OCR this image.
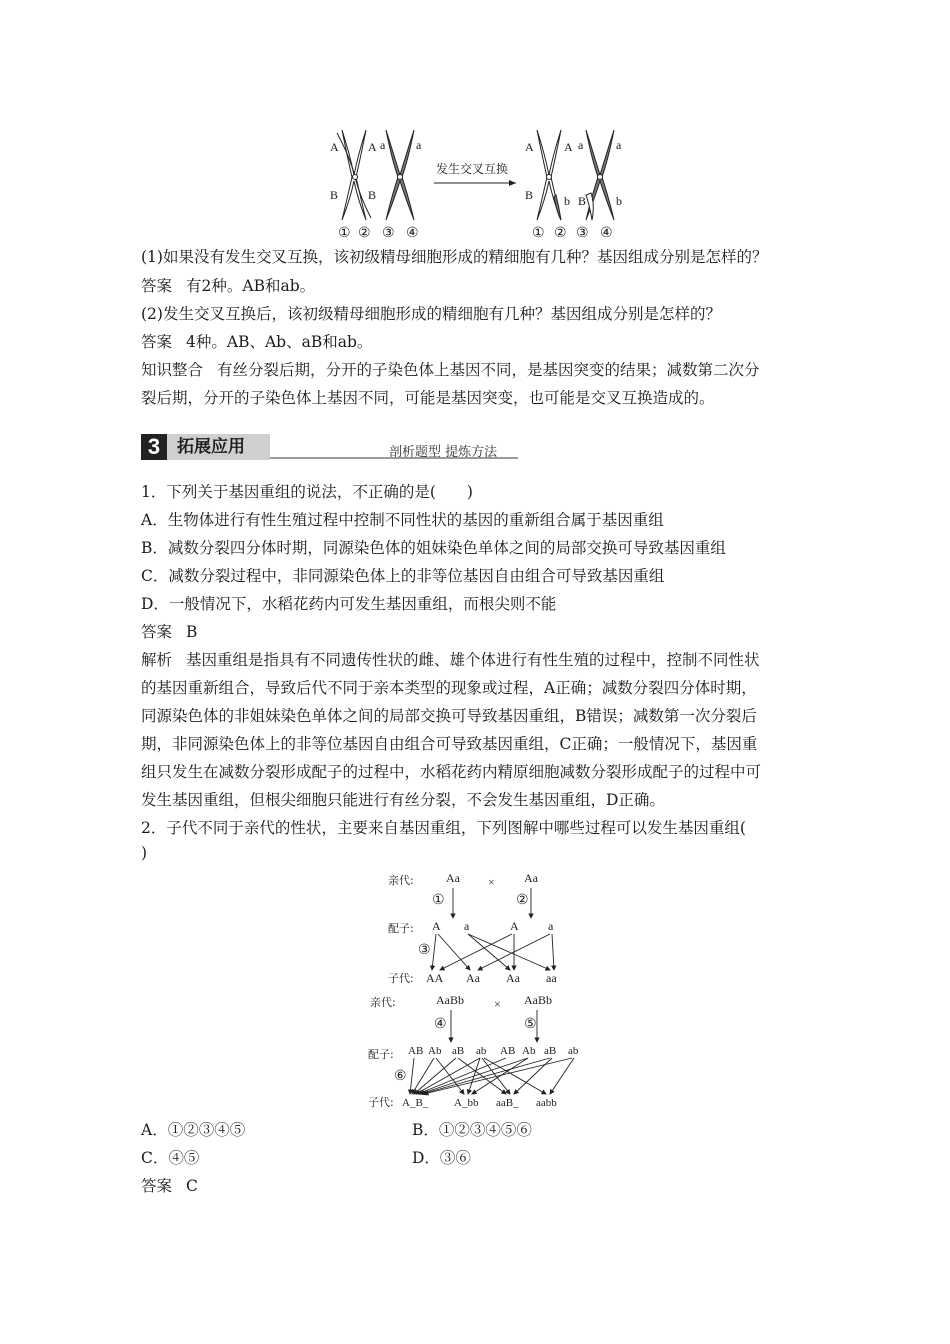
A A
B B
a	a
① ② ③ ④
发生交叉互换
A	A
B
a	a
b	b
B
① ② ③ ④
(1)如果没有发生交叉互换，该初级精母细胞形成的精细胞有几种？基因组成分别是怎样的？
答案 有2种。AB和ab。
(2)发生交叉互换后，该初级精母细胞形成的精细胞有几种？基因组成分别是怎样的？
答案 4种。AB、Ab、aB和ab。
知识整合 有丝分裂后期，分开的子染色体上基因不同，是基因突变的结果；减数第二次分
裂后期，分开的子染色体上基因不同，可能是基因突变，也可能是交叉互换造成的。
3 拓展应用	剖析题型 提炼方法
1．下列关于基因重组的说法，不正确的是(　　)
A．生物体进行有性生殖过程中控制不同性状的基因的重新组合属于基因重组
B．减数分裂四分体时期，同源染色体的姐妹染色单体之间的局部交换可导致基因重组
C．减数分裂过程中，非同源染色体上的非等位基因自由组合可导致基因重组
D．一般情况下，水稻花药内可发生基因重组，而根尖则不能
答案 B
解析 基因重组是指具有不同遗传性状的雌、雄个体进行有性生殖的过程中，控制不同性状
的基因重新组合，导致后代不同于亲本类型的现象或过程，A正确；减数分裂四分体时期，
同源染色体的非姐妹染色单体之间的局部交换可导致基因重组，B错误；减数第一次分裂后
期，非同源染色体上的非等位基因自由组合可导致基因重组，C正确；一般情况下，基因重
组只发生在减数分裂形成配子的过程中，水稻花药内精原细胞减数分裂形成配子的过程中可
发生基因重组，但根尖细胞只能进行有丝分裂，不会发生基因重组，D正确。
2．子代不同于亲代的性状，主要来自基因重组，下列图解中哪些过程可以发生基因重组(
)
亲代:	Aa × Aa
①	②
配子: A a	A a
③
子代: AA Aa Aa aa
亲代:	AaBb	× AaBb
④	⑤
配子: AB Ab aB ab AB Ab aB ab
⑥
子代: A_B_ A_bb aaB_ aabb
A．①②③④⑤	B．①②③④⑤⑥
C．④⑤	D．③⑥
答案 C
